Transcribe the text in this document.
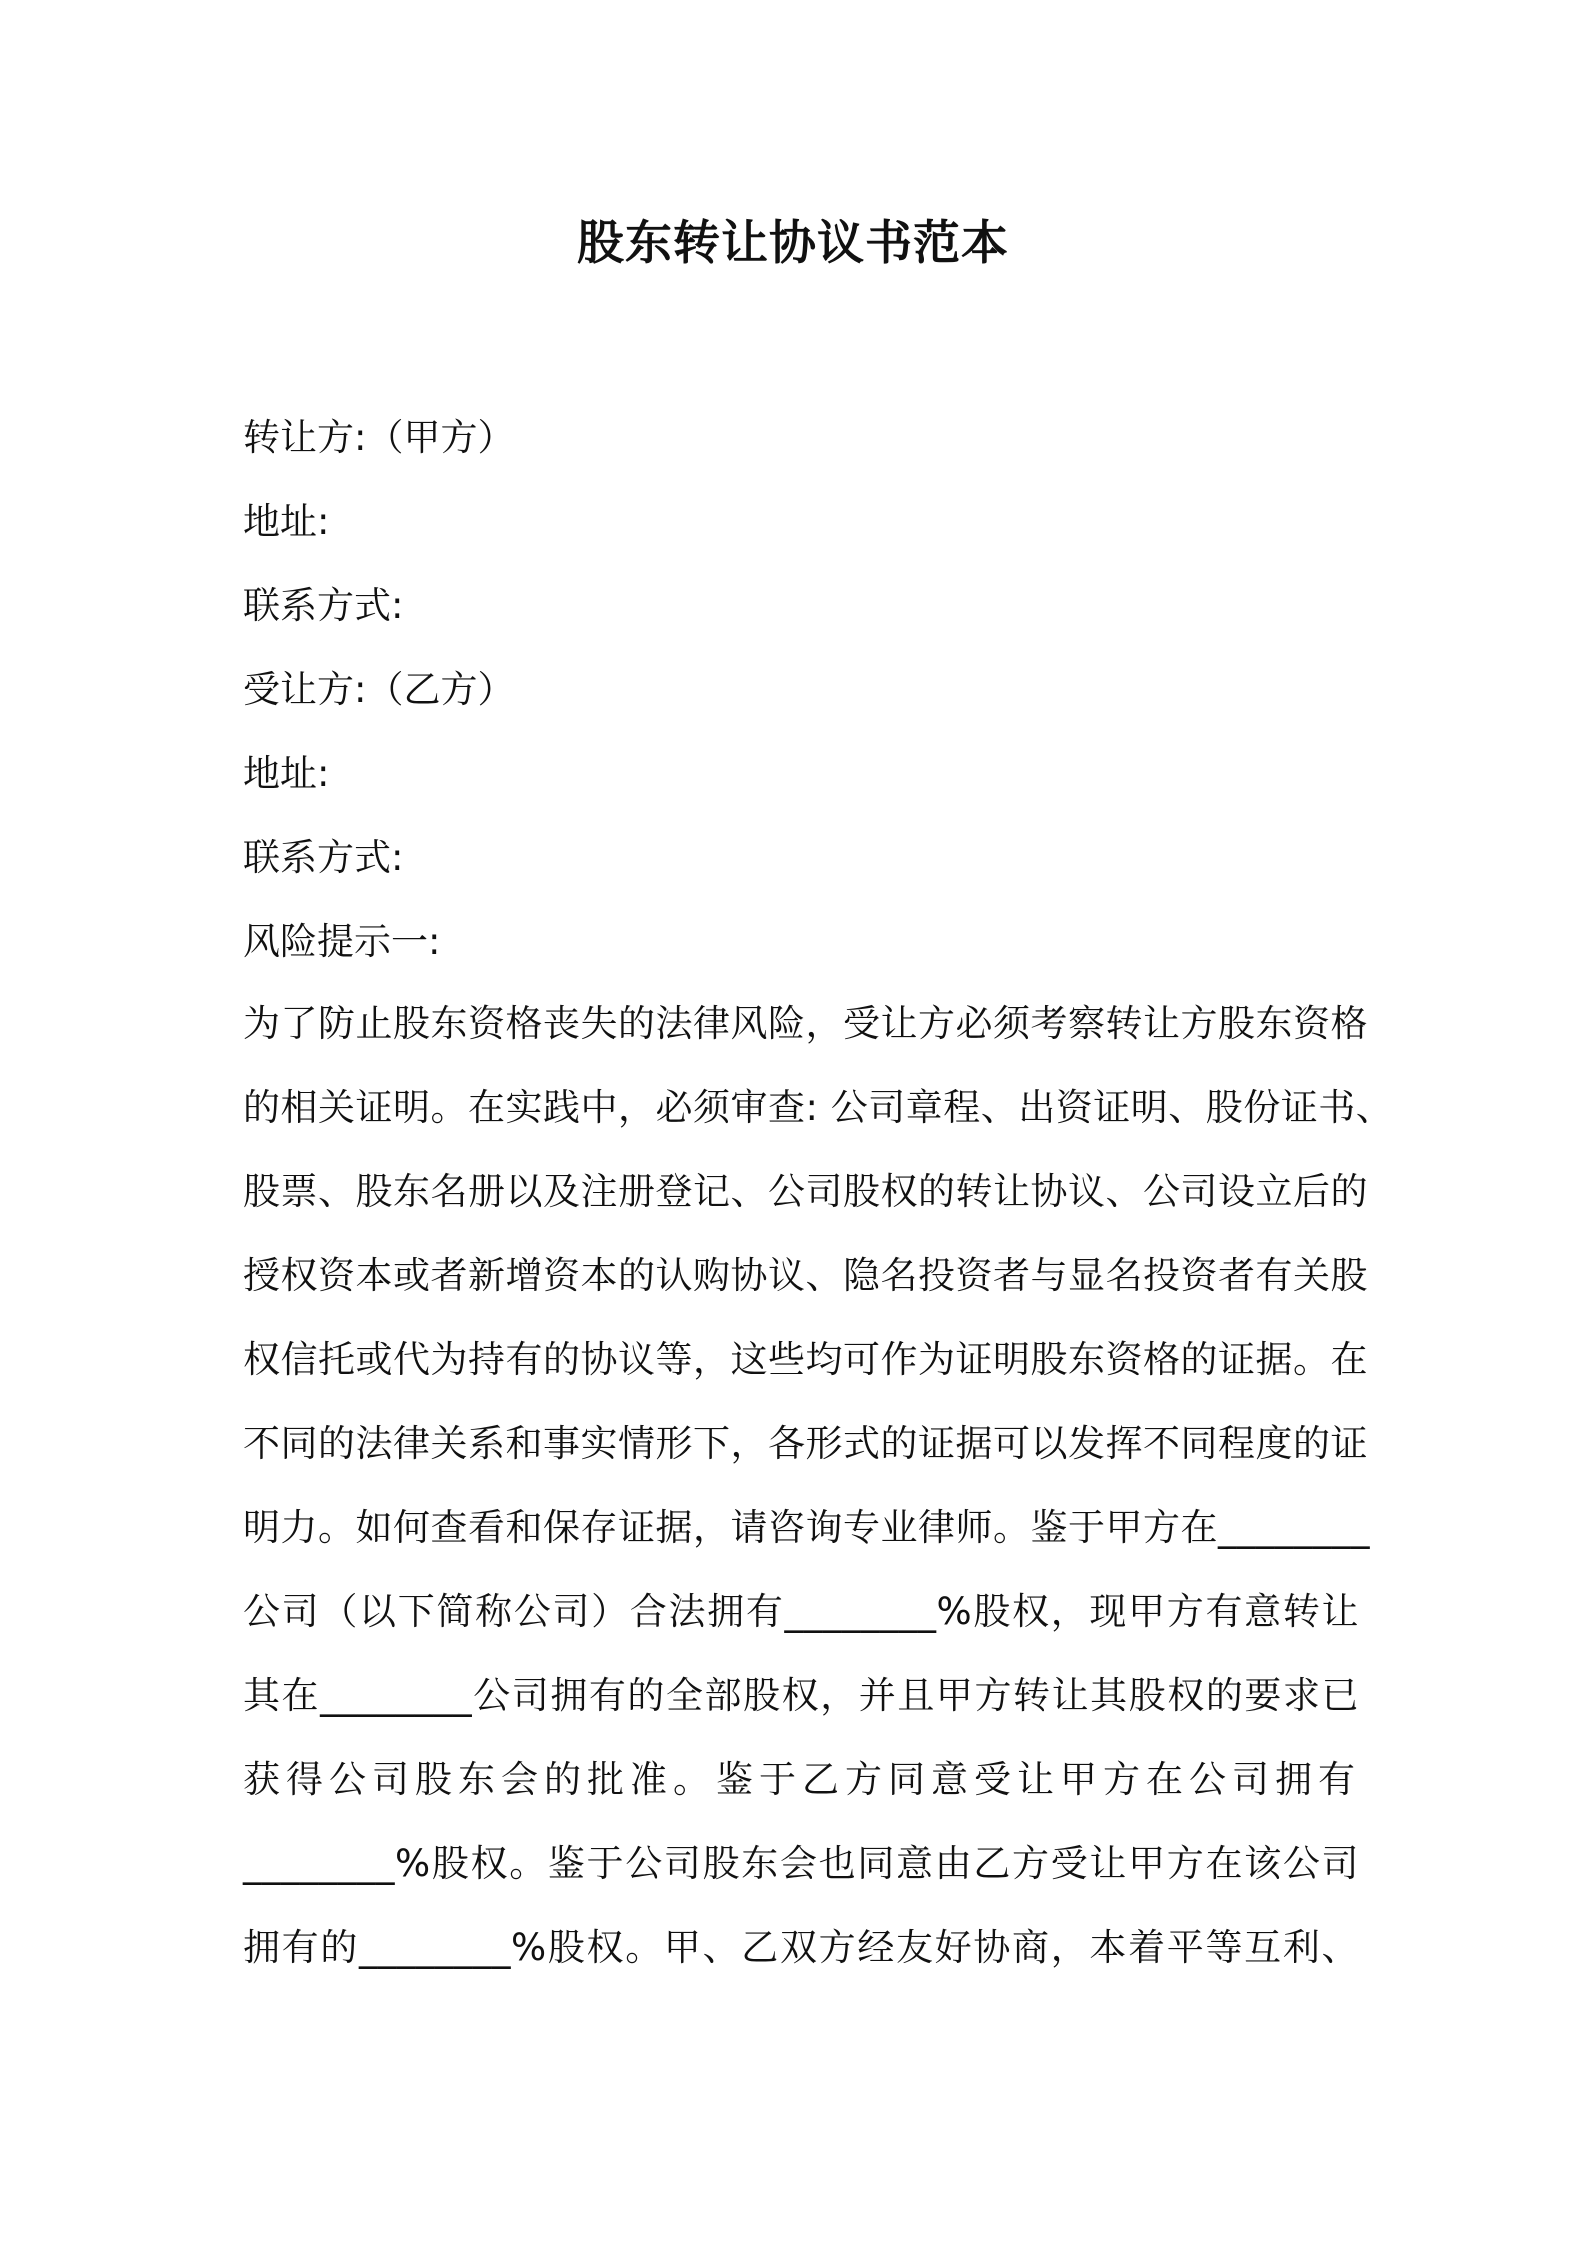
股东转让协议书范本
转让方:（甲方）
地址:
联系方式:
受让方:（乙方）
地址:
联系方式:
风险提示一:
为了防止股东资格丧失的法律风险，受让方必须考察转让方股东资格
的相关证明。在实践中，必须审查: 公司章程、出资证明、股份证书、
股票、股东名册以及注册登记、公司股权的转让协议、公司设立后的
授权资本或者新增资本的认购协议、隐名投资者与显名投资者有关股
权信托或代为持有的协议等，这些均可作为证明股东资格的证据。在
不同的法律关系和事实情形下，各形式的证据可以发挥不同程度的证
明力。如何查看和保存证据，请咨询专业律师。鉴于甲方在________
公司（以下简称公司）合法拥有________%股权，现甲方有意转让
其在________公司拥有的全部股权，并且甲方转让其股权的要求已
获得公司股东会的批准。鉴于乙方同意受让甲方在公司拥有
________%股权。鉴于公司股东会也同意由乙方受让甲方在该公司
拥有的________%股权。甲、乙双方经友好协商，本着平等互利、
